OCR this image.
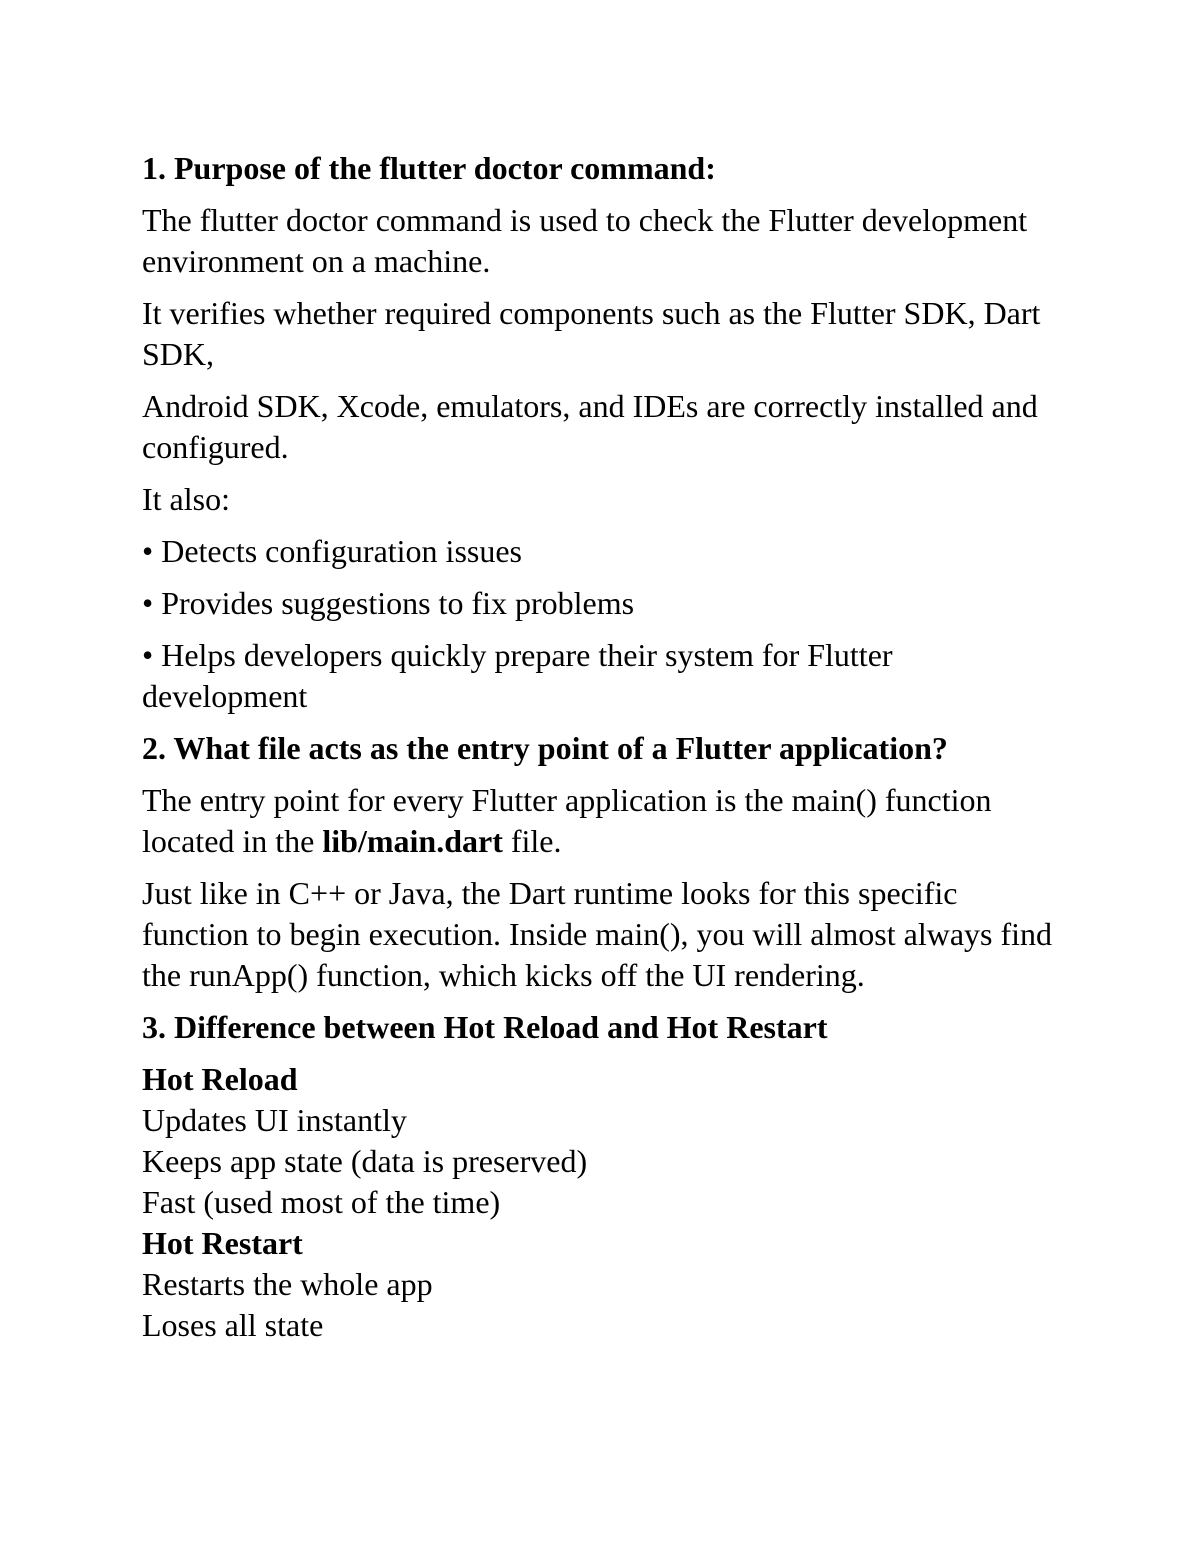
1. Purpose of the flutter doctor command:

The flutter doctor command is used to check the Flutter development environment on a machine.

It verifies whether required components such as the Flutter SDK, Dart SDK,

Android SDK, Xcode, emulators, and IDEs are correctly installed and configured.

It also:

• Detects configuration issues

• Provides suggestions to fix problems

• Helps developers quickly prepare their system for Flutter development

2. What file acts as the entry point of a Flutter application?

The entry point for every Flutter application is the main() function located in the lib/main.dart file.

Just like in C++ or Java, the Dart runtime looks for this specific function to begin execution. Inside main(), you will almost always find the runApp() function, which kicks off the UI rendering.

3. Difference between Hot Reload and Hot Restart

Hot Reload

Updates UI instantly

Keeps app state (data is preserved)

Fast (used most of the time)

Hot Restart

Restarts the whole app

Loses all state
